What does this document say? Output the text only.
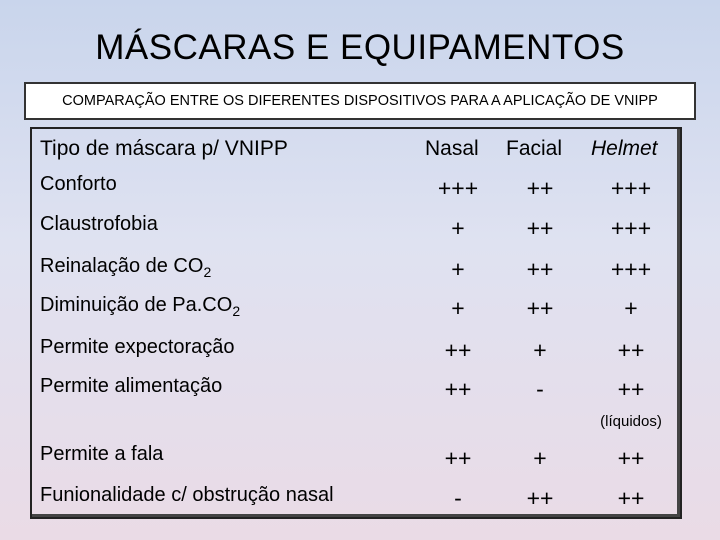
MÁSCARAS E EQUIPAMENTOS
COMPARAÇÃO ENTRE OS DIFERENTES DISPOSITIVOS PARA A APLICAÇÃO DE VNIPP
Tipo de máscara p/ VNIPP	Nasal Facial Helmet
Conforto	+++	++	+++
Claustrofobia	+	++	+++
Reinalação de $CO_2$	+	++	+++
Diminuição de $Pa.CO_2$	+	++	+
Permite expectoração	++	+	++
Permite alimentação	++	-	++
(líquidos)
Permite a fala	++	+	++
Funionalidade c/ obstrução nasal	-	++	++
